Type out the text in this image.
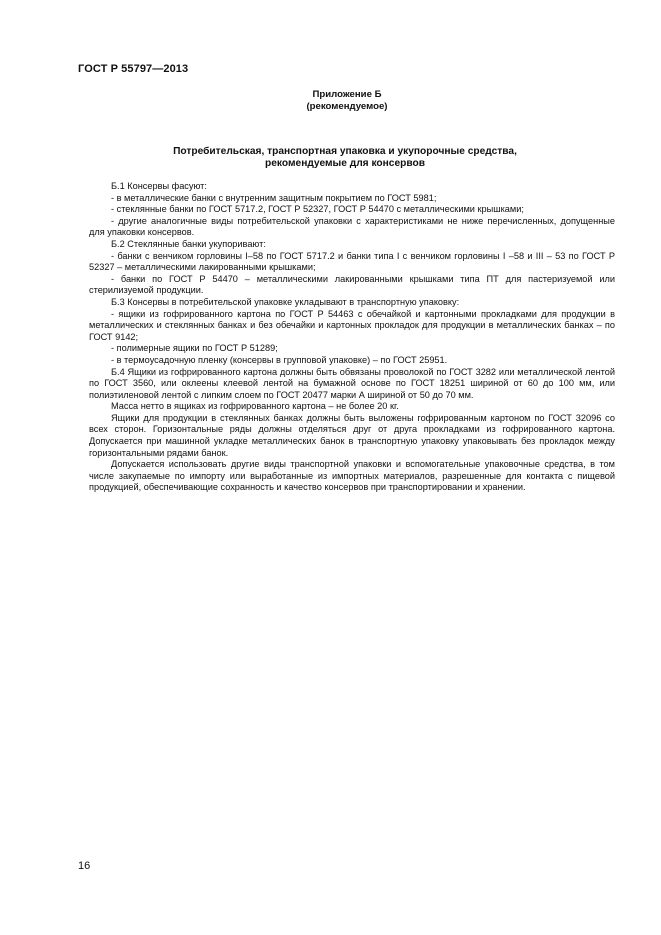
ГОСТ Р 55797—2013
Приложение Б
(рекомендуемое)
Потребительская, транспортная упаковка и укупорочные средства,
рекомендуемые для консервов

Б.1 Консервы фасуют:

- в металлические банки с внутренним защитным покрытием по ГОСТ 5981;

- стеклянные банки по ГОСТ 5717.2, ГОСТ Р 52327, ГОСТ Р 54470 с металлическими крышками;

- другие аналогичные виды потребительской упаковки с характеристиками не ниже перечисленных, допущенные для упаковки консервов.

Б.2 Стеклянные банки укупоривают:

- банки с венчиком горловины I–58 по ГОСТ 5717.2 и банки типа I с венчиком горловины I –58 и III – 53 по ГОСТ Р 52327 – металлическими лакированными крышками;

- банки по ГОСТ Р 54470 – металлическими лакированными крышками типа ПТ для пастеризуемой или стерилизуемой продукции.

Б.3 Консервы в потребительской упаковке укладывают в транспортную упаковку:

- ящики из гофрированного картона по ГОСТ Р 54463 с обечайкой и картонными прокладками для продукции в металлических и стеклянных банках и без обечайки и картонных прокладок для продукции в металлических банках – по ГОСТ 9142;

- полимерные ящики по ГОСТ Р 51289;

- в термоусадочную пленку (консервы в групповой упаковке) – по ГОСТ 25951.

Б.4 Ящики из гофрированного картона должны быть обвязаны проволокой по ГОСТ 3282 или металлической лентой по ГОСТ 3560, или оклеены клеевой лентой на бумажной основе по ГОСТ 18251 шириной от 60 до 100 мм, или полиэтиленовой лентой с липким слоем по ГОСТ 20477 марки А шириной от 50 до 70 мм.

Масса нетто в ящиках из гофрированного картона – не более 20 кг.

Ящики для продукции в стеклянных банках должны быть выложены гофрированным картоном по ГОСТ 32096 со всех сторон. Горизонтальные ряды должны отделяться друг от друга прокладками из гофрированного картона. Допускается при машинной укладке металлических банок в транспортную упаковку упаковывать без прокладок между горизонтальными рядами банок.

Допускается использовать другие виды транспортной упаковки и вспомогательные упаковочные средства, в том числе закупаемые по импорту или выработанные из импортных материалов, разрешенные для контакта с пищевой продукцией, обеспечивающие сохранность и качество консервов при транспортировании и хранении.

16
